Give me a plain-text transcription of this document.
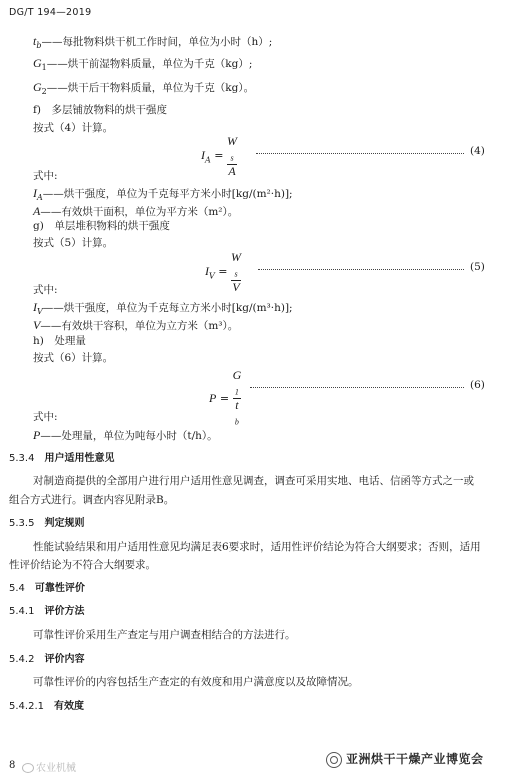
DG/T 194—2019
$t_b——$每批物料烘干机工作时间，单位为小时（h）;
$G_1——$烘干前湿物料质量，单位为千克（kg）;
$G_2——$烘干后干物料质量，单位为千克（kg）。
f)　多层铺放物料的烘干强度
按式（4）计算。
$I_A = W$
$_s$
A	(4)
式中:
$I_A——$烘干强度，单位为千克每平方米小时[kg/(m²·h)];
A——有效烘干面积，单位为平方米（m²）。
g)　单层堆积物料的烘干强度
按式（5）计算。
$I_V = W$
$_s$
V	(5)
式中:
$I_V——$烘干强度，单位为千克每立方米小时[kg/(m³·h)];
V——有效烘干容积，单位为立方米（m³）。
h)　处理量
按式（6）计算。
P = G
$_1$
t
$_b$	(6)
式中:
P——处理量，单位为吨每小时（t/h）。
5.3.4　 用户适用性意见
对制造商提供的全部用户进行用户适用性意见调查，调查可采用实地、电话、信函等方式之一或
组合方式进行。调查内容见附录B。
5.3.5　 判定规则
性能试验结果和用户适用性意见均满足表6要求时，适用性评价结论为符合大纲要求；否则，适用
性评价结论为不符合大纲要求。
5.4　 可靠性评价
5.4.1　 评价方法
可靠性评价采用生产查定与用户调查相结合的方法进行。
5.4.2　 评价内容
可靠性评价的内容包括生产查定的有效度和用户满意度以及故障情况。
5.4.2.1　 有效度
8	农业机械
亚洲烘干干燥产业博览会
